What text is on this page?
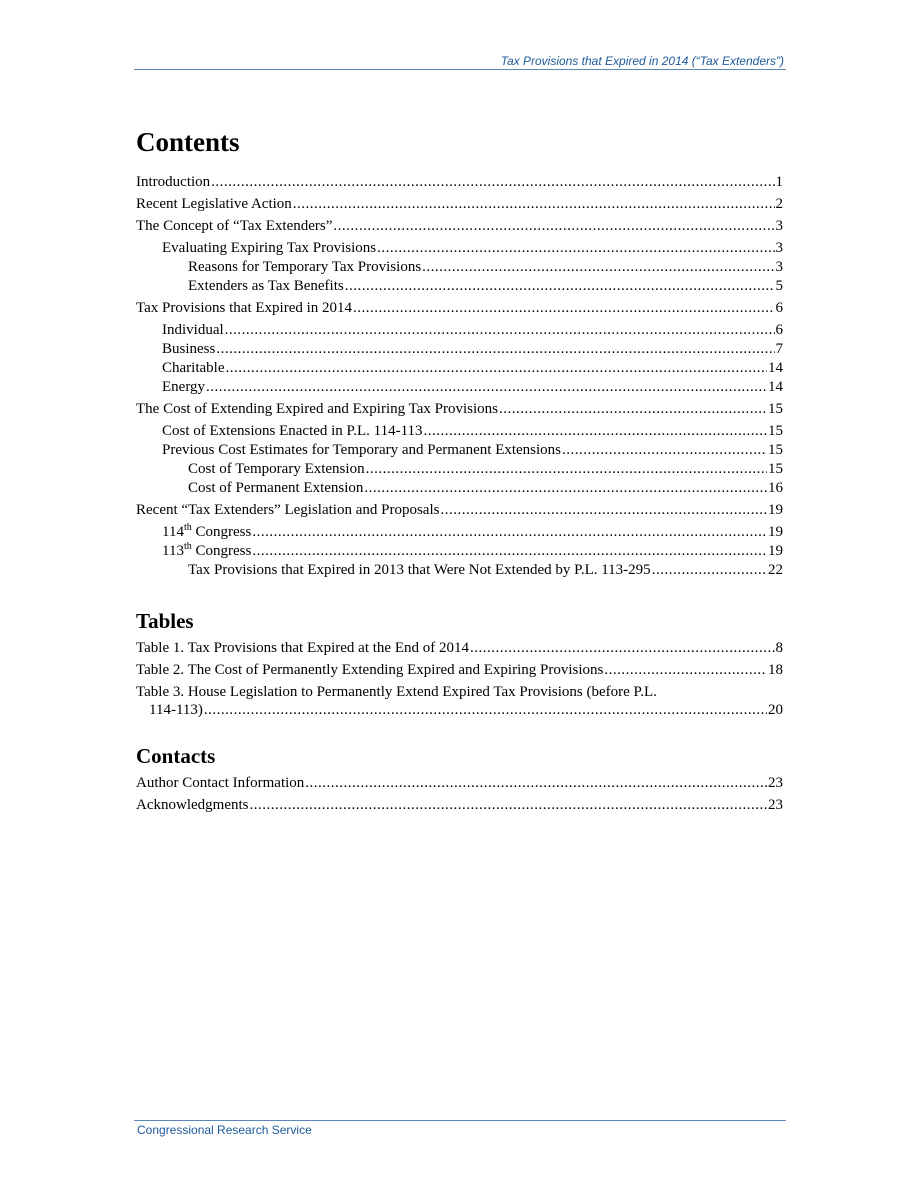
Tax Provisions that Expired in 2014 (“Tax Extenders”)
Contents
Introduction .....	1
Recent Legislative Action .....	2
The Concept of “Tax Extenders” .....	3
Evaluating Expiring Tax Provisions .....	3
Reasons for Temporary Tax Provisions .....	3
Extenders as Tax Benefits .....	5
Tax Provisions that Expired in 2014 .....	6
Individual .....	6
Business .....	7
Charitable .....	14
Energy .....	14
The Cost of Extending Expired and Expiring Tax Provisions .....	15
Cost of Extensions Enacted in P.L. 114-113 .....	15
Previous Cost Estimates for Temporary and Permanent Extensions .....	15
Cost of Temporary Extension .....	15
Cost of Permanent Extension .....	16
Recent “Tax Extenders” Legislation and Proposals .....	19
114th Congress .....	19
113th Congress .....	19
Tax Provisions that Expired in 2013 that Were Not Extended by P.L. 113-295 .....	22
Tables
Table 1. Tax Provisions that Expired at the End of 2014 .....	8
Table 2. The Cost of Permanently Extending Expired and Expiring Provisions .....	18
Table 3. House Legislation to Permanently Extend Expired Tax Provisions (before P.L.
114-113) .....	20
Contacts
Author Contact Information .....	23
Acknowledgments .....	23
Congressional Research Service
